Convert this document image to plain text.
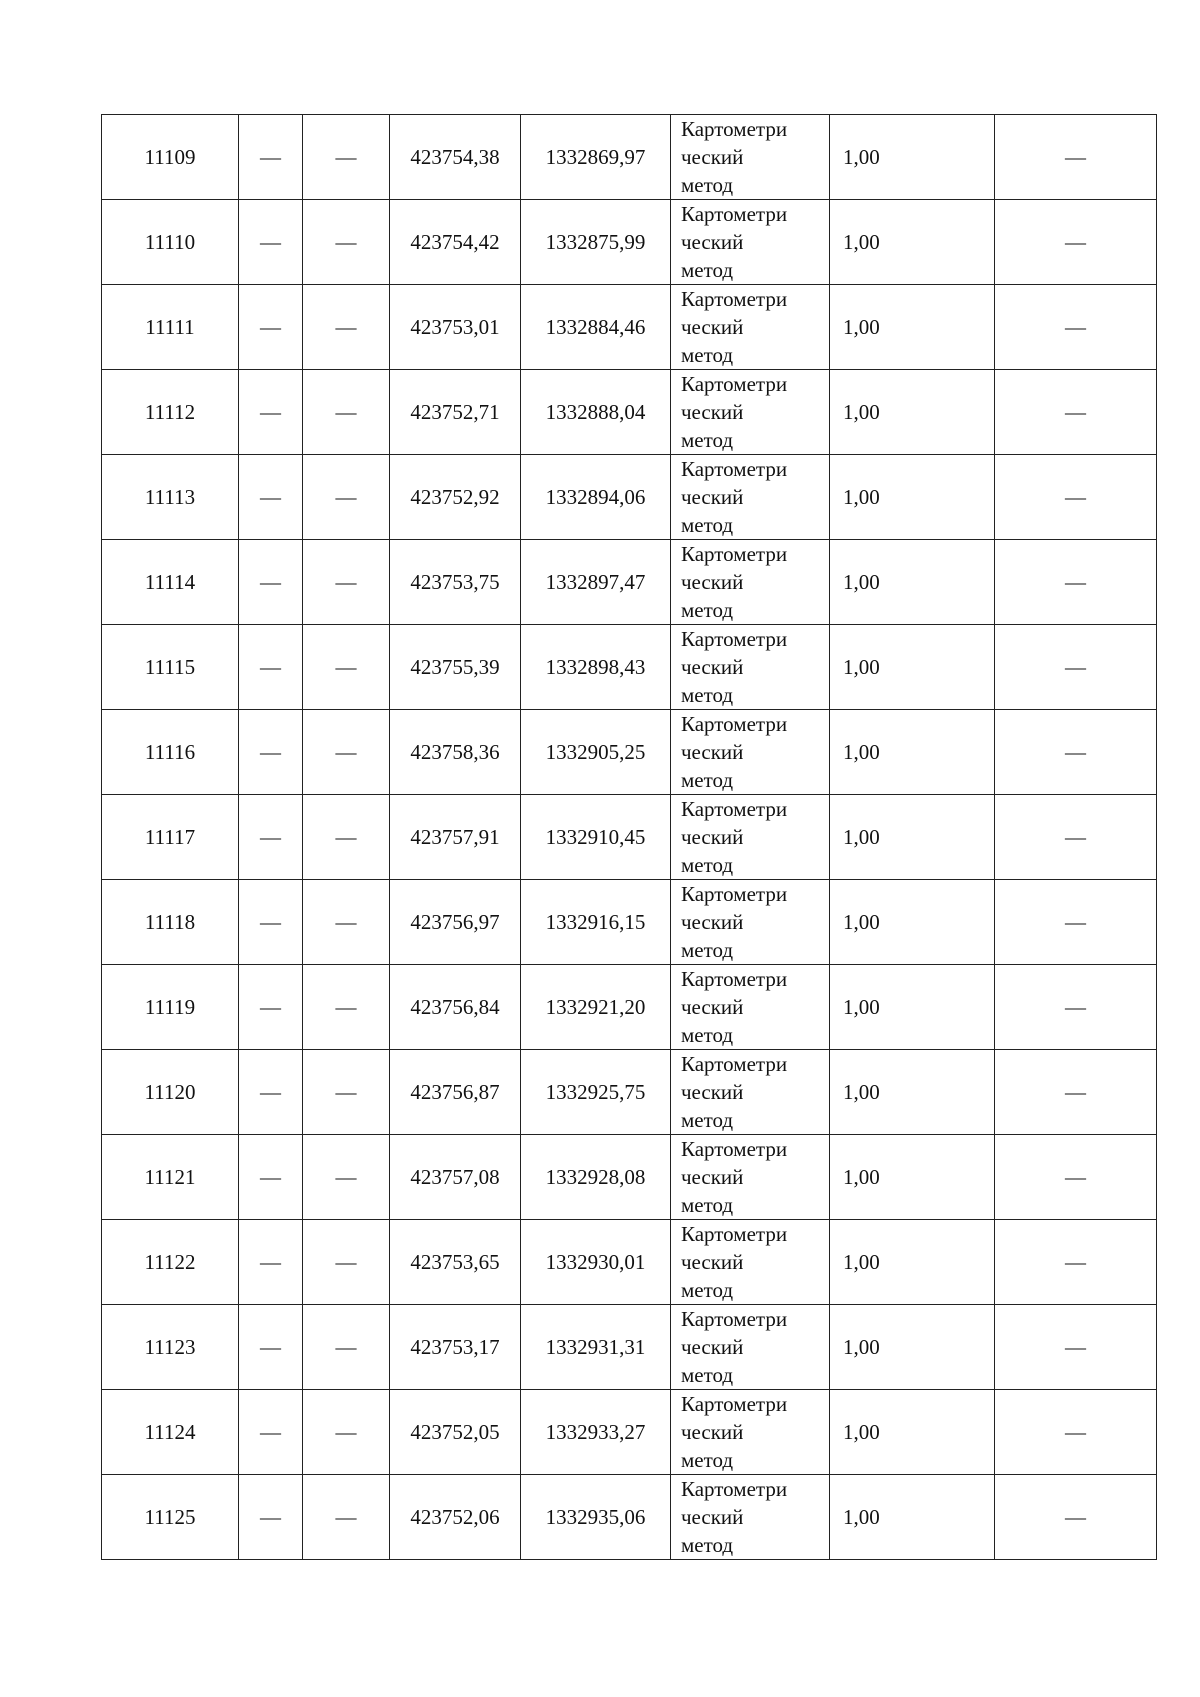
11109	—	—	423754,38	1332869,97	Картометри
ческий
метод	1,00	—
11110	—	—	423754,42	1332875,99	Картометри
ческий
метод	1,00	—
11111	—	—	423753,01	1332884,46	Картометри
ческий
метод	1,00	—
11112	—	—	423752,71	1332888,04	Картометри
ческий
метод	1,00	—
11113	—	—	423752,92	1332894,06	Картометри
ческий
метод	1,00	—
11114	—	—	423753,75	1332897,47	Картометри
ческий
метод	1,00	—
11115	—	—	423755,39	1332898,43	Картометри
ческий
метод	1,00	—
11116	—	—	423758,36	1332905,25	Картометри
ческий
метод	1,00	—
11117	—	—	423757,91	1332910,45	Картометри
ческий
метод	1,00	—
11118	—	—	423756,97	1332916,15	Картометри
ческий
метод	1,00	—
11119	—	—	423756,84	1332921,20	Картометри
ческий
метод	1,00	—
11120	—	—	423756,87	1332925,75	Картометри
ческий
метод	1,00	—
11121	—	—	423757,08	1332928,08	Картометри
ческий
метод	1,00	—
11122	—	—	423753,65	1332930,01	Картометри
ческий
метод	1,00	—
11123	—	—	423753,17	1332931,31	Картометри
ческий
метод	1,00	—
11124	—	—	423752,05	1332933,27	Картометри
ческий
метод	1,00	—
11125	—	—	423752,06	1332935,06	Картометри
ческий
метод	1,00	—
